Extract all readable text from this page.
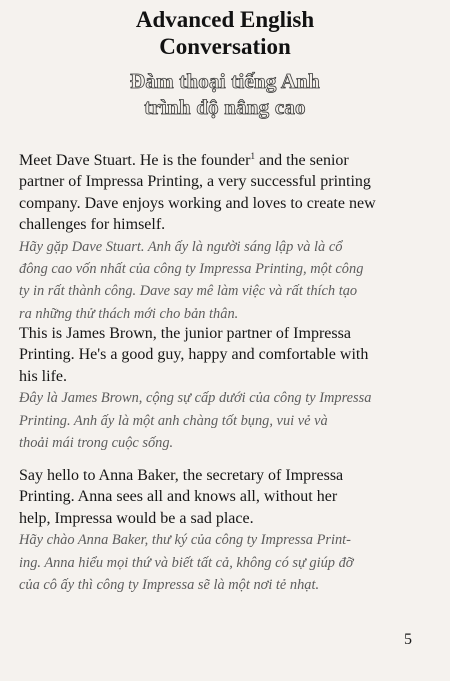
Advanced English
Conversation
Đàm thoại tiếng Anh
trình độ nâng cao

Meet Dave Stuart. He is the founder$^1$ and the senior
partner of Impressa Printing, a very successful printing
company. Dave enjoys working and loves to create new
challenges for himself.

Hãy gặp Dave Stuart. Anh ấy là người sáng lập và là cổ
đông cao vốn nhất của công ty Impressa Printing, một công
ty in rất thành công. Dave say mê làm việc và rất thích tạo
ra những thử thách mới cho bản thân.

This is James Brown, the junior partner of Impressa
Printing. He's a good guy, happy and comfortable with
his life.

Đây là James Brown, cộng sự cấp dưới của công ty Impressa
Printing. Anh ấy là một anh chàng tốt bụng, vui vẻ và
thoải mái trong cuộc sống.

Say hello to Anna Baker, the secretary of Impressa
Printing. Anna sees all and knows all, without her
help, Impressa would be a sad place.

Hãy chào Anna Baker, thư ký của công ty Impressa Print-
ing. Anna hiểu mọi thứ và biết tất cả, không có sự giúp đỡ
của cô ấy thì công ty Impressa sẽ là một nơi tẻ nhạt.

5
